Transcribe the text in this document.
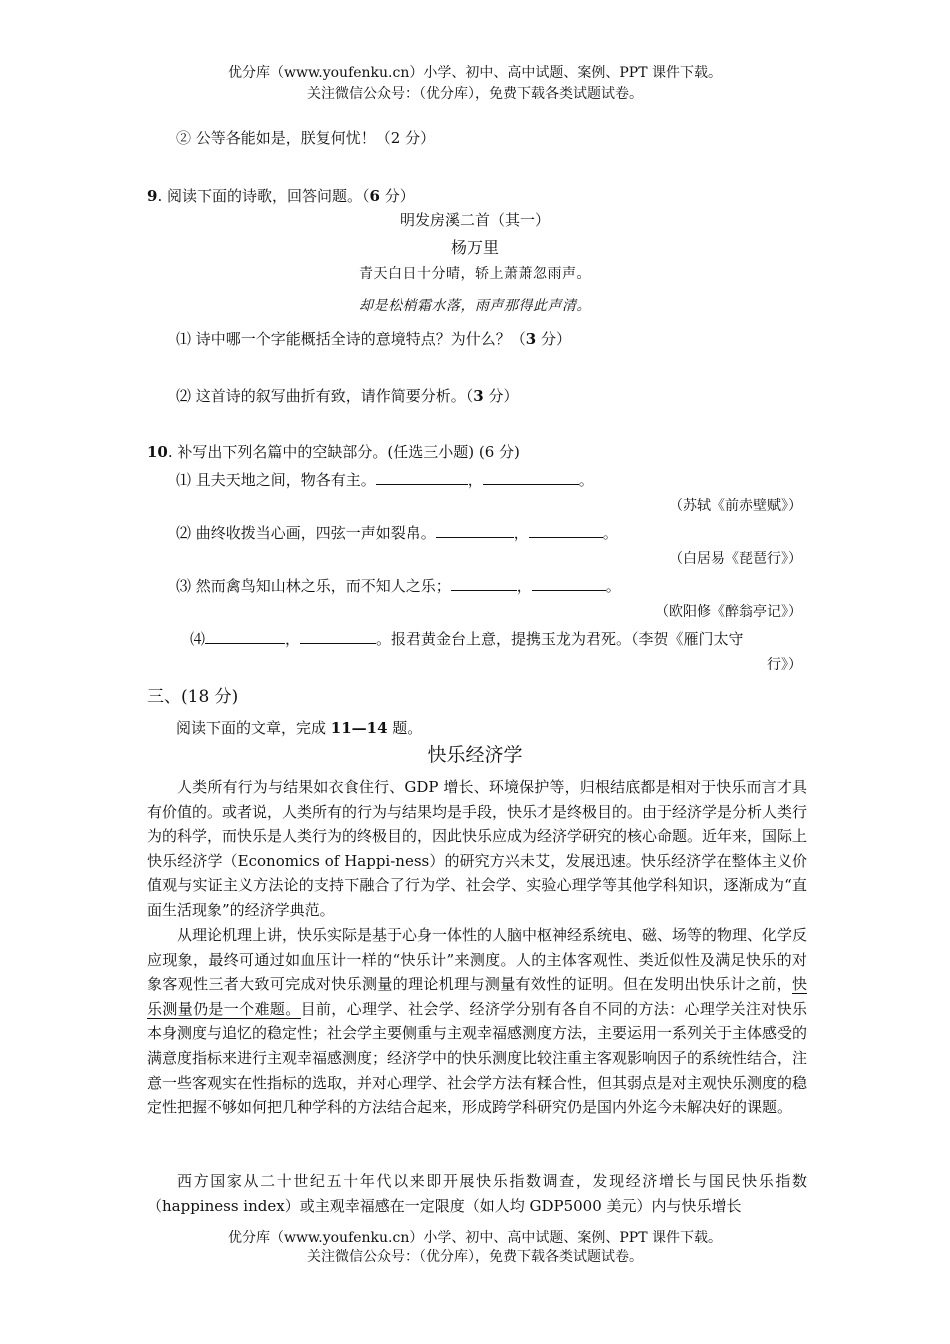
优分库（www.youfenku.cn）小学、初中、高中试题、案例、PPT 课件下载。
关注微信公众号：（优分库），免费下载各类试题试卷。
② 公等各能如是，朕复何忧！（2 分）
9. 阅读下面的诗歌，回答问题。（6 分）
明发房溪二首（其一）
杨万里
青天白日十分晴，轿上萧萧忽雨声。
却是松梢霜水落，雨声那得此声清。
⑴ 诗中哪一个字能概括全诗的意境特点？为什么？（3 分）
⑵ 这首诗的叙写曲折有致，请作简要分析。（3 分）
10. 补写出下列名篇中的空缺部分。(任选三小题) (6 分)
⑴ 且夫天地之间，物各有主。	，	。
（苏轼《前赤壁赋》）
⑵ 曲终收拨当心画，四弦一声如裂帛。	，	。
（白居易《琵琶行》）
⑶ 然而禽鸟知山林之乐，而不知人之乐；	，	。
（欧阳修《醉翁亭记》）
⑷	，	。报君黄金台上意，提携玉龙为君死。（李贺《雁门太守
行》）
三、(18 分)
阅读下面的文章，完成 11—14 题。
快乐经济学
人类所有行为与结果如衣食住行、GDP 增长、环境保护等，归根结底都是相对于快乐而言才具有价值的。或者说，人类所有的行为与结果均是手段，快乐才是终极目的。由于经济学是分析人类行为的科学，而快乐是人类行为的终极目的，因此快乐应成为经济学研究的核心命题。近年来，国际上快乐经济学（Economics of Happi-ness）的研究方兴未艾，发展迅速。快乐经济学在整体主义价值观与实证主义方法论的支持下融合了行为学、社会学、实验心理学等其他学科知识，逐渐成为“直面生活现象”的经济学典范。
从理论机理上讲，快乐实际是基于心身一体性的人脑中枢神经系统电、磁、场等的物理、化学反应现象，最终可通过如血压计一样的“快乐计”来测度。人的主体客观性、类近似性及满足快乐的对象客观性三者大致可完成对快乐测量的理论机理与测量有效性的证明。但在发明出快乐计之前，快乐测量仍是一个难题。目前，心理学、社会学、经济学分别有各自不同的方法：心理学关注对快乐本身测度与追忆的稳定性；社会学主要侧重与主观幸福感测度方法，主要运用一系列关于主体感受的满意度指标来进行主观幸福感测度；经济学中的快乐测度比较注重主客观影响因子的系统性结合，注意一些客观实在性指标的选取，并对心理学、社会学方法有糅合性，但其弱点是对主观快乐测度的稳定性把握不够如何把几种学科的方法结合起来，形成跨学科研究仍是国内外迄今未解决好的课题。
西方国家从二十世纪五十年代以来即开展快乐指数调查，发现经济增长与国民快乐指数（happiness index）或主观幸福感在一定限度（如人均 GDP5000 美元）内与快乐增长
优分库（www.youfenku.cn）小学、初中、高中试题、案例、PPT 课件下载。
关注微信公众号：（优分库），免费下载各类试题试卷。
